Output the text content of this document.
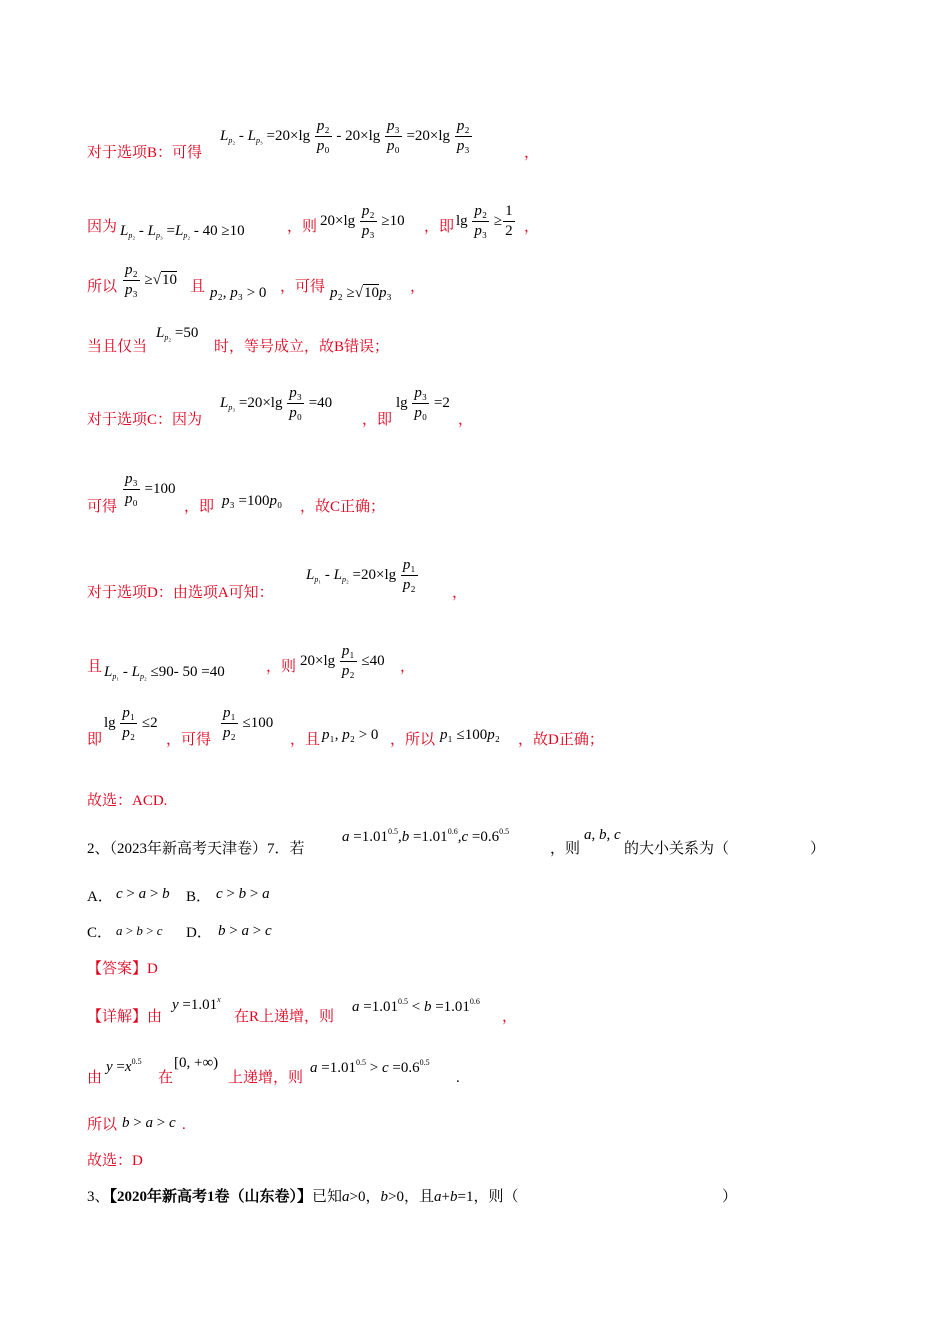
对于选项B：可得
$L_{p_2} - L_{p_3} =20\times\lg \frac{\text{p₂}}{\text{p₀}} - 20\times\lg \frac{\text{p₃}}{\text{p₀}} =20\times\lg \frac{\text{p₂}}{\text{p₃}}$	，
因为 $L_{p_2} - L_{p_3} =L_{p_2} - 40 \ge 10$	，则 $20\times\lg \frac{\text{p₂}}{\text{p₃}} \ge 10$ ，即 $\lg \frac{\text{p₂}}{\text{p₃}} \ge \frac{1}{2}$ ，
所以 $\frac{\text{p₂}}{\text{p₃}} \ge√10$ 且 p₂, p₃ > 0 ，可得 p₂ ≥√10p₃ ，
当且仅当
$L_{p_2} =50$
时，等号成立，故B错误；
对于选项C：因为
$L_{p_3} =20\times\lg \frac{\text{p₃}}{\text{p₀}} =40$
，即
$\lg \frac{\text{p₃}}{\text{p₀}} =2$
，
可得 $\frac{\text{p₃}}{\text{p₀}} =100$
，即 p₃ =100p₀ ，故C正确；
对于选项D：由选项A可知：
$L_{p_1} - L_{p_2} =20\times\lg \frac{\text{p₁}}{\text{p₂}}$ ，
且 $L_{p_1} - L_{p_2} \le 90-$ 50 =40	，则 $20\times\lg \frac{\text{p₁}}{\text{p₂}} \le 40$ ，
即
$\lg \frac{\text{p₁}}{\text{p₂}} \le 2$
，可得 $\frac{\text{p₁}}{\text{p₂}} \le 100$
，且 p₁, p₂ > 0 ，所以 p₁ ≤100p₂ ，故D正确；
故选：ACD.
2、（2023年新高考天津卷）7．若
$a =1.01^{0.5},b =1.01^{0.6},c =0.6^{0.5}$
，则
a, b, c
的大小关系为（	）
A． c > a > b B． c > b > a
C． a > b > c D． b > a > c
【答案】D
【详解】由
$y =1.01^x$
在R上递增，则
$a =1.01^{0.5} < b =1.01^{0.6}$
，
由
$y =x^{0.5}$
在
[0, +∞)
上递增，则
$a =1.01^{0.5} > c =0.6^{0.5}$
.
所以 b > a > c .
故选：D
3、【2020年新高考1卷（山东卷）】已知a>0，b>0，且a+b=1，则（	）
